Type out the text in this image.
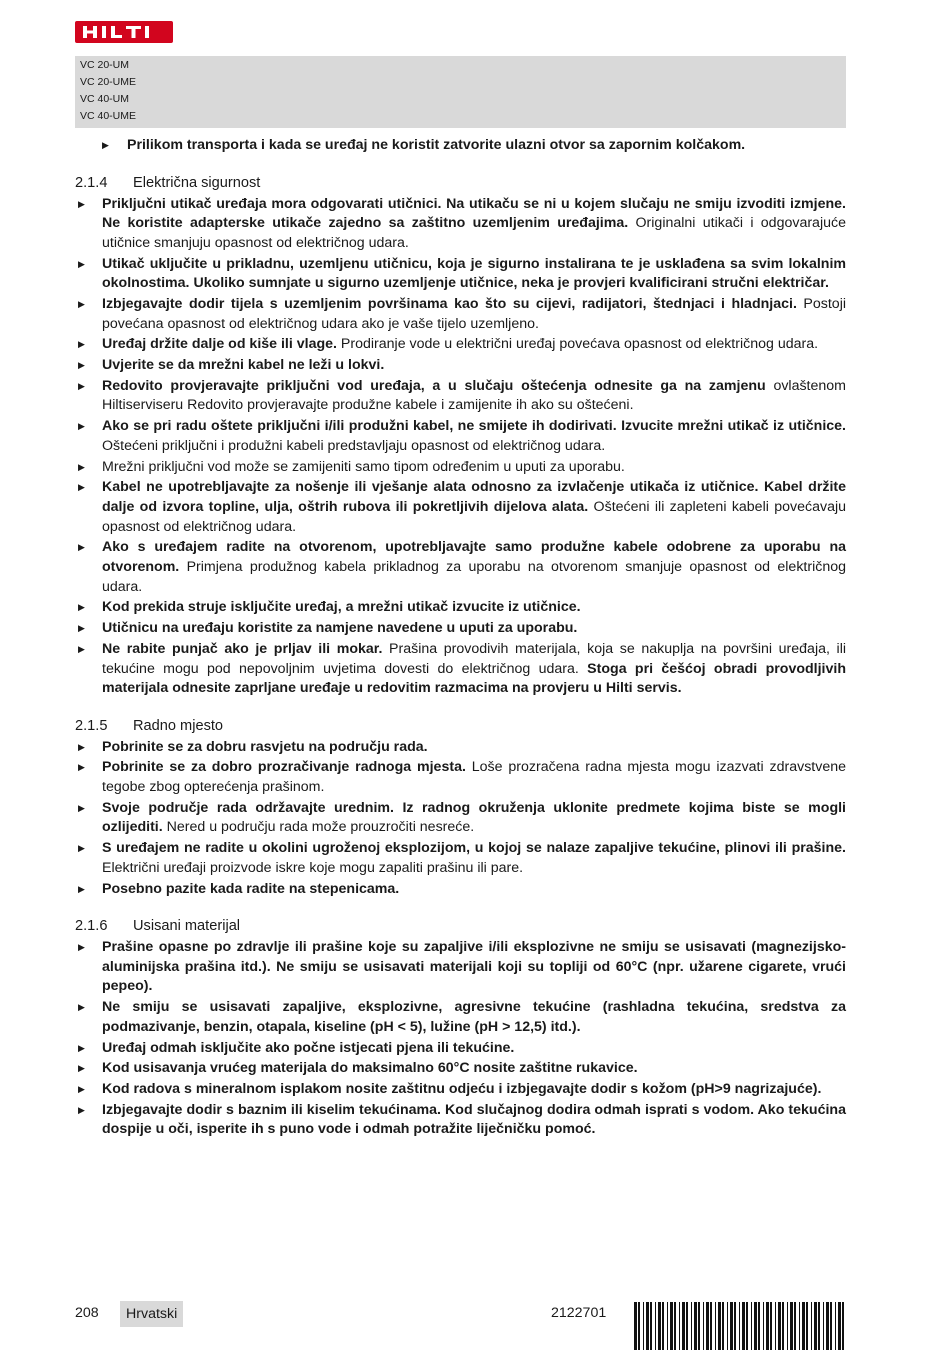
VC 20-UM
VC 20-UME
VC 40-UM
VC 40-UME
▶ Prilikom transporta i kada se uređaj ne koristit zatvorite ulazni otvor sa zapornim kolčakom.
2.1.4	Električna sigurnost
▶ Priključni utikač uređaja mora odgovarati utičnici. Na utikaču se ni u kojem slučaju ne smiju izvoditi izmjene. Ne koristite adapterske utikače zajedno sa zaštitno uzemljenim uređajima. Originalni utikači i odgovarajuće utičnice smanjuju opasnost od električnog udara.
▶ Utikač uključite u prikladnu, uzemljenu utičnicu, koja je sigurno instalirana te je usklađena sa svim lokalnim okolnostima. Ukoliko sumnjate u sigurno uzemljenje utičnice, neka je provjeri kvalificirani stručni električar.
▶ Izbjegavajte dodir tijela s uzemljenim površinama kao što su cijevi, radijatori, štednjaci i hladnjaci. Postoji povećana opasnost od električnog udara ako je vaše tijelo uzemljeno.
▶ Uređaj držite dalje od kiše ili vlage. Prodiranje vode u električni uređaj povećava opasnost od električnog udara.
▶ Uvjerite se da mrežni kabel ne leži u lokvi.
▶ Redovito provjeravajte priključni vod uređaja, a u slučaju oštećenja odnesite ga na zamjenu ovlaštenom Hiltiserviseru Redovito provjeravajte produžne kabele i zamijenite ih ako su oštećeni.
▶ Ako se pri radu oštete priključni i/ili produžni kabel, ne smijete ih dodirivati. Izvucite mrežni utikač iz utičnice. Oštećeni priključni i produžni kabeli predstavljaju opasnost od električnog udara.
▶ Mrežni priključni vod može se zamijeniti samo tipom određenim u uputi za uporabu.
▶ Kabel ne upotrebljavajte za nošenje ili vješanje alata odnosno za izvlačenje utikača iz utičnice. Kabel držite dalje od izvora topline, ulja, oštrih rubova ili pokretljivih dijelova alata. Oštećeni ili zapleteni kabeli povećavaju opasnost od električnog udara.
▶ Ako s uređajem radite na otvorenom, upotrebljavajte samo produžne kabele odobrene za uporabu na otvorenom. Primjena produžnog kabela prikladnog za uporabu na otvorenom smanjuje opasnost od električnog udara.
▶ Kod prekida struje isključite uređaj, a mrežni utikač izvucite iz utičnice.
▶ Utičnicu na uređaju koristite za namjene navedene u uputi za uporabu.
▶ Ne rabite punjač ako je prljav ili mokar. Prašina provodivih materijala, koja se nakuplja na površini uređaja, ili tekućine mogu pod nepovoljnim uvjetima dovesti do električnog udara. Stoga pri češćoj obradi provodljivih materijala odnesite zaprljane uređaje u redovitim razmacima na provjeru u Hilti servis.
2.1.5	Radno mjesto
▶ Pobrinite se za dobru rasvjetu na području rada.
▶ Pobrinite se za dobro prozračivanje radnoga mjesta. Loše prozračena radna mjesta mogu izazvati zdravstvene tegobe zbog opterećenja prašinom.
▶ Svoje područje rada održavajte urednim. Iz radnog okruženja uklonite predmete kojima biste se mogli ozlijediti. Nered u području rada može prouzročiti nesreće.
▶ S uređajem ne radite u okolini ugroženoj eksplozijom, u kojoj se nalaze zapaljive tekućine, plinovi ili prašine. Električni uređaji proizvode iskre koje mogu zapaliti prašinu ili pare.
▶ Posebno pazite kada radite na stepenicama.
2.1.6	Usisani materijal
▶ Prašine opasne po zdravlje ili prašine koje su zapaljive i/ili eksplozivne ne smiju se usisavati (magnezijsko-aluminijska prašina itd.). Ne smiju se usisavati materijali koji su topliji od 60°C (npr. užarene cigarete, vrući pepeo).
▶ Ne smiju se usisavati zapaljive, eksplozivne, agresivne tekućine (rashladna tekućina, sredstva za podmazivanje, benzin, otapala, kiseline (pH < 5), lužine (pH > 12,5) itd.).
▶ Uređaj odmah isključite ako počne istjecati pjena ili tekućine.
▶ Kod usisavanja vrućeg materijala do maksimalno 60°C nosite zaštitne rukavice.
▶ Kod radova s mineralnom isplakom nosite zaštitnu odjeću i izbjegavajte dodir s kožom (pH>9 nagrizajuće).
▶ Izbjegavajte dodir s baznim ili kiselim tekućinama. Kod slučajnog dodira odmah isprati s vodom. Ako tekućina dospije u oči, isperite ih s puno vode i odmah potražite liječničku pomoć.
208	Hrvatski	2122701
